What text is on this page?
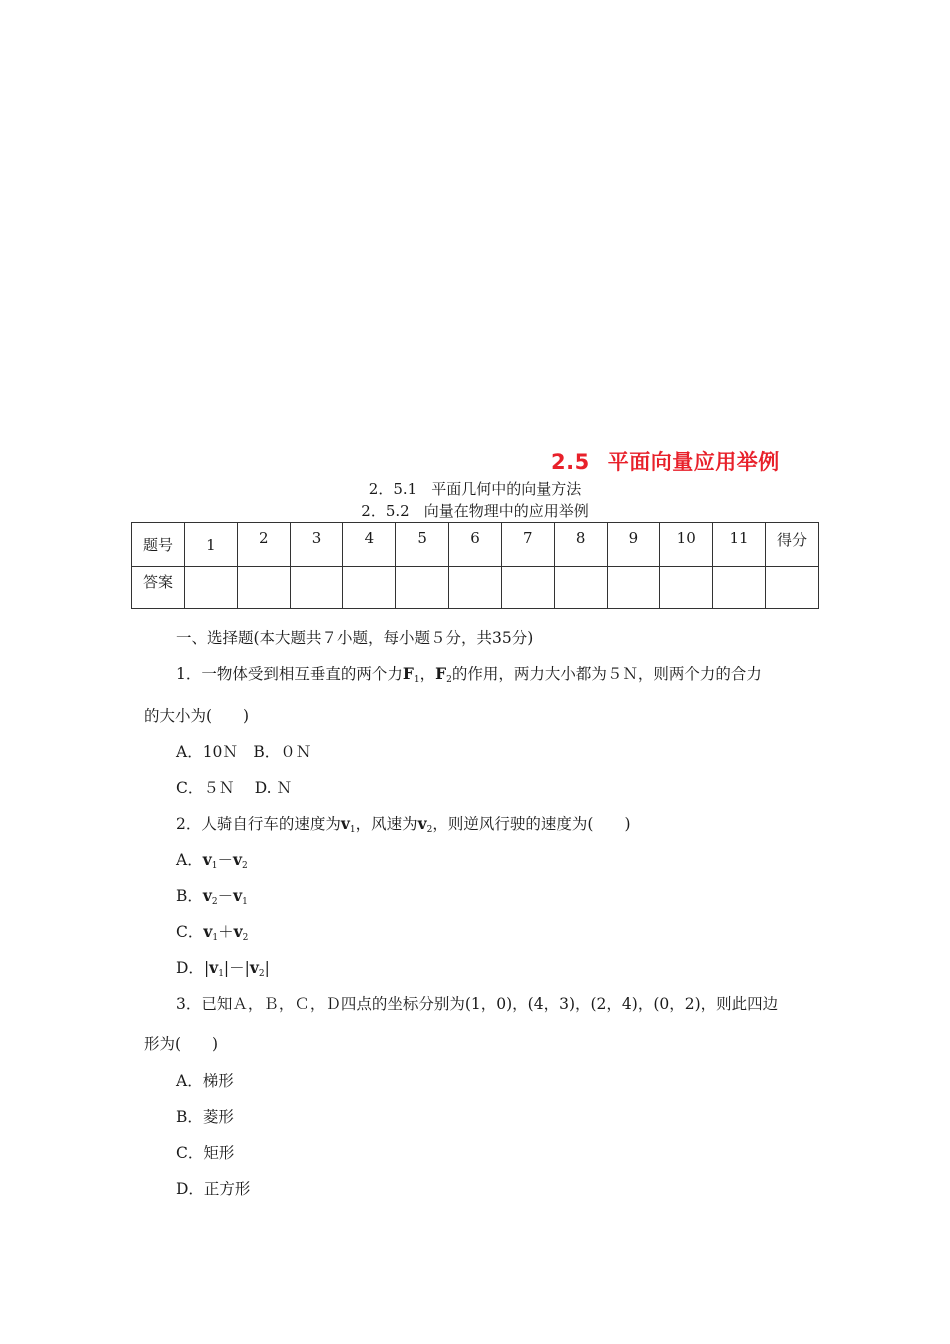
2.5 平面向量应用举例
2．5.1 平面几何中的向量方法
2．5.2 向量在物理中的应用举例
题号	1	2	3	4	5	6	7	8	9	10	11	得分
答案												
一、选择题(本大题共７小题，每小题５分，共35分)
1．一物体受到相互垂直的两个力$F_1$，$F_2$的作用，两力大小都为５Ｎ，则两个力的合力
的大小为(　　)
A．10Ｎ　B．０Ｎ
C．５Ｎ　 D. Ｎ
2．人骑自行车的速度为$v_1$，风速为$v_2$，则逆风行驶的速度为(　　)
A．$v_1-v_2$
B．$v_2-v_1$
C．$v_1+v_2$
D．$|v_1|-|v_2|$
3．已知Ａ，Ｂ，Ｃ，Ｄ四点的坐标分别为(1，0)，(4，3)，(2，4)，(0，2)，则此四边
形为(　　)
A．梯形
B．菱形
C．矩形
D．正方形
